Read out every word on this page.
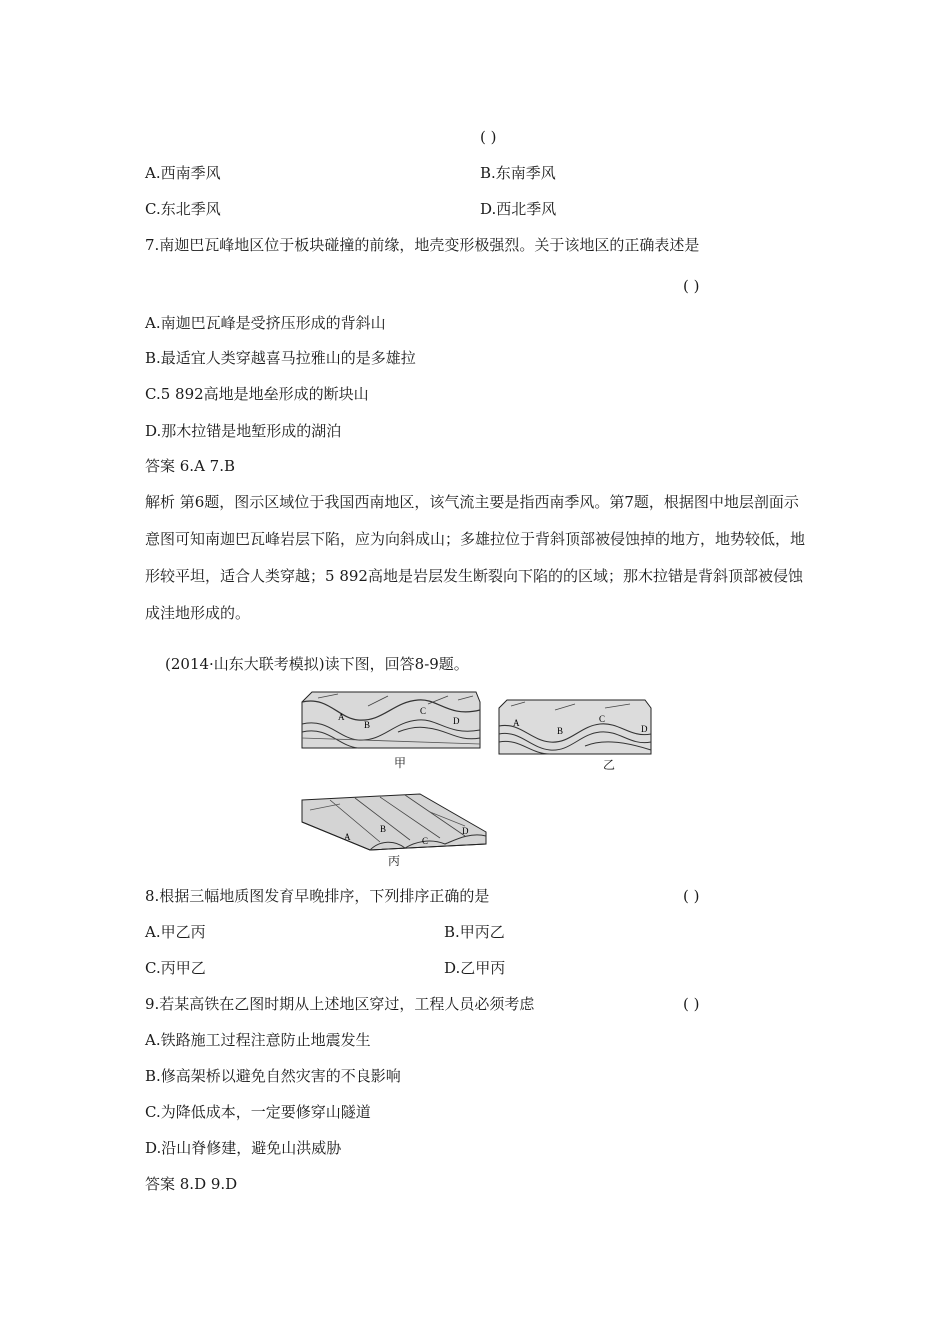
( )
A.西南季风	B.东南季风
C.东北季风	D.西北季风
7.南迦巴瓦峰地区位于板块碰撞的前缘，地壳变形极强烈。关于该地区的正确表述是
( )
A.南迦巴瓦峰是受挤压形成的背斜山
B.最适宜人类穿越喜马拉雅山的是多雄拉
C.5 892高地是地垒形成的断块山
D.那木拉错是地堑形成的湖泊
答案 6.A 7.B
解析 第6题，图示区域位于我国西南地区，该气流主要是指西南季风。第7题，根据图中地层剖面示意图可知南迦巴瓦峰岩层下陷，应为向斜成山；多雄拉位于背斜顶部被侵蚀掉的地方，地势较低，地形较平坦，适合人类穿越；5 892高地是岩层发生断裂向下陷的的区域；那木拉错是背斜顶部被侵蚀成洼地形成的。
(2014·山东大联考模拟)读下图，回答8-9题。
A
B
C
D
甲
A
B
C
D
乙
A
B
C
D
丙
8.根据三幅地质图发育早晚排序，下列排序正确的是	( )
A.甲乙丙	B.甲丙乙
C.丙甲乙	D.乙甲丙
9.若某高铁在乙图时期从上述地区穿过，工程人员必须考虑	( )
A.铁路施工过程注意防止地震发生
B.修高架桥以避免自然灾害的不良影响
C.为降低成本，一定要修穿山隧道
D.沿山脊修建，避免山洪威胁
答案 8.D 9.D
